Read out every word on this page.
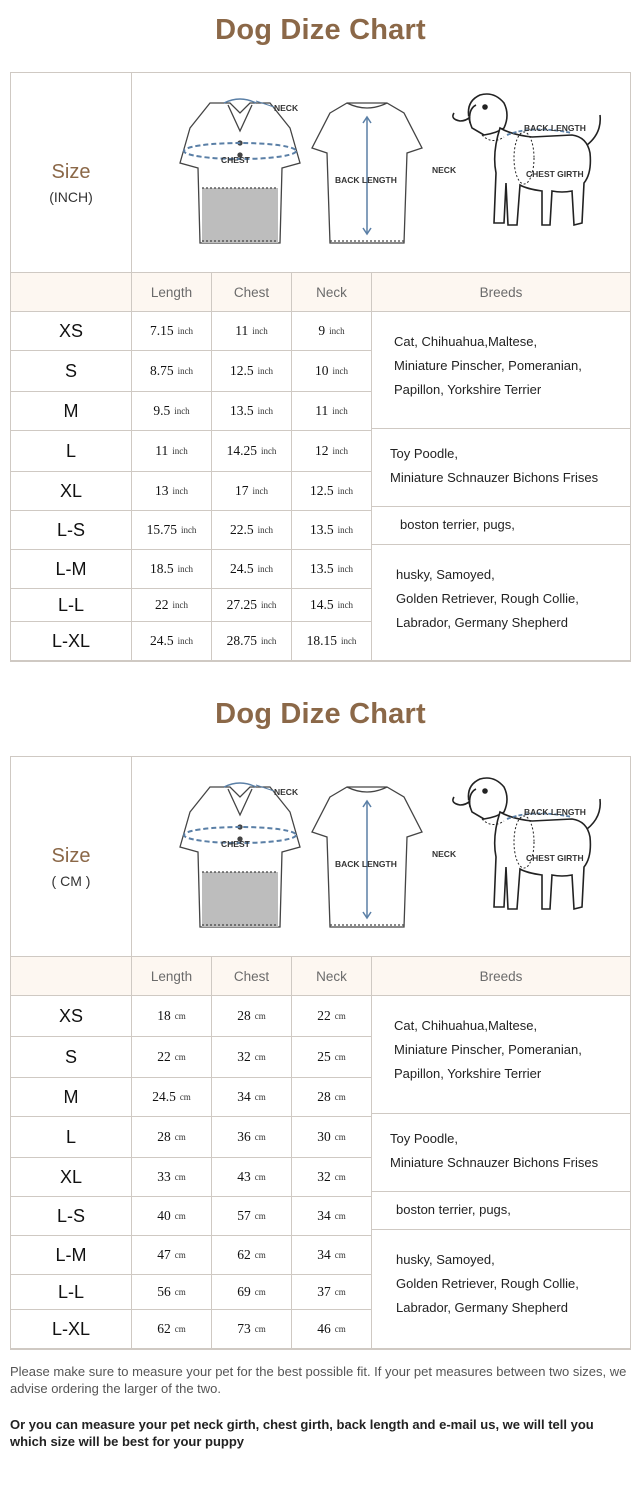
Dog Dize Chart
Size
(INCH)
NECK
CHEST
BACK LENGTH
BACK LENGTH
NECK	CHEST GIRTH
Length	Chest	Neck	Breeds
XS	7.15 inch	11 inch	9 inch
S	8.75 inch	12.5 inch	10 inch
M	9.5 inch	13.5 inch	11 inch
L	11 inch	14.25 inch	12 inch
XL	13 inch	17 inch	12.5 inch
L-S	15.75 inch 22.5 inch	13.5 inch
L-M	18.5 inch	24.5 inch	13.5 inch
L-L	22 inch	27.25 inch 14.5 inch
L-XL	24.5 inch 28.75 inch 18.15 inch
Cat, Chihuahua,Maltese,
Miniature Pinscher, Pomeranian,
Papillon, Yorkshire Terrier
Toy Poodle,
Miniature Schnauzer Bichons Frises
boston terrier, pugs,
husky, Samoyed,
Golden Retriever, Rough Collie,
Labrador, Germany Shepherd
Dog Dize Chart
Size
( CM )
NECK
CHEST
BACK LENGTH
BACK LENGTH
NECK	CHEST GIRTH
Length	Chest	Neck	Breeds
XS	18 cm	28 cm	22 cm
S	22 cm	32 cm	25 cm
M	24.5 cm	34 cm	28 cm
L	28 cm	36 cm	30 cm
XL	33 cm	43 cm	32 cm
L-S	40 cm	57 cm	34 cm
L-M	47 cm	62 cm	34 cm
L-L	56 cm	69 cm	37 cm
L-XL	62 cm	73 cm	46 cm
Cat, Chihuahua,Maltese,
Miniature Pinscher, Pomeranian,
Papillon, Yorkshire Terrier
Toy Poodle,
Miniature Schnauzer Bichons Frises
boston terrier, pugs,
husky, Samoyed,
Golden Retriever, Rough Collie,
Labrador, Germany Shepherd
Please make sure to measure your pet for the best possible fit. If your pet measures between two sizes, we advise ordering the larger of the two.
Or you can measure your pet neck girth, chest girth, back length and e-mail us, we will tell you which size will be best for your puppy
